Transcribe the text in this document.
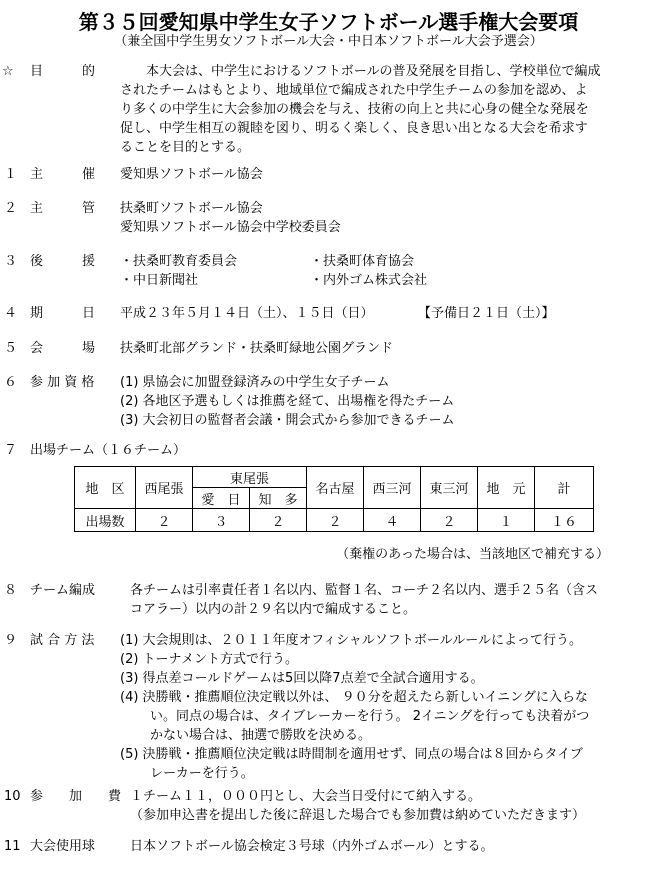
第３５回愛知県中学生女子ソフトボール選手権大会要項
（兼全国中学生男女ソフトボール大会・中日本ソフトボール大会予選会）
☆ 目　　　的	本大会は、中学生におけるソフトボールの普及発展を目指し、学校単位で編成
されたチームはもとより、地域単位で編成された中学生チームの参加を認め、よ
り多くの中学生に大会参加の機会を与え、技術の向上と共に心身の健全な発展を
促し、中学生相互の親睦を図り、明るく楽しく、良き思い出となる大会を希求す
ることを目的とする。
１ 主　　　催 愛知県ソフトボール協会
２ 主　　　管 扶桑町ソフトボール協会
愛知県ソフトボール協会中学校委員会
３ 後　　　援 ・扶桑町教育委員会	・扶桑町体育協会
・中日新聞社	・内外ゴム株式会社
４ 期　　　日 平成２３年５月１４日（土）、１５日（日）	【予備日２１日（土）】
５ 会　　　場 扶桑町北部グランド・扶桑町緑地公園グランド
６ 参 加 資 格 (1) 県協会に加盟登録済みの中学生女子チーム
(2) 各地区予選もしくは推薦を経て、出場権を得たチーム
(3) 大会初日の監督者会議・開会式から参加できるチーム
７ 出場チーム（１６チーム）
地　区	西尾張	東尾張		名古屋	西三河	東三河	地　元	計
		愛　日	知　多					
出場数	２	３	２	２	４	２	１	１６
（棄権のあった場合は、当該地区で補充する）
８ チーム編成	各チームは引率責任者１名以内、監督１名、コーチ２名以内、選手２５名（含ス
コアラー）以内の計２９名以内で編成すること。
９ 試 合 方 法 (1) 大会規則は、２０１１年度オフィシャルソフトボールルールによって行う。
(2) トーナメント方式で行う。
(3) 得点差コールドゲームは5回以降7点差で全試合適用する。
(4) 決勝戦・推薦順位決定戦以外は、 ９０分を超えたら新しいイニングに入らな
い。同点の場合は、タイブレーカーを行う。 2イニングを行っても決着がつ
かない場合は、抽選で勝敗を決める。
(5) 決勝戦・推薦順位決定戦は時間制を適用せず、同点の場合は８回からタイブ
レーカーを行う。
10 参　　加　　費 １チーム１１，０００円とし、大会当日受付にて納入する。
（参加申込書を提出した後に辞退した場合でも参加費は納めていただきます）
11 大会使用球	日本ソフトボール協会検定３号球（内外ゴムボール）とする。
